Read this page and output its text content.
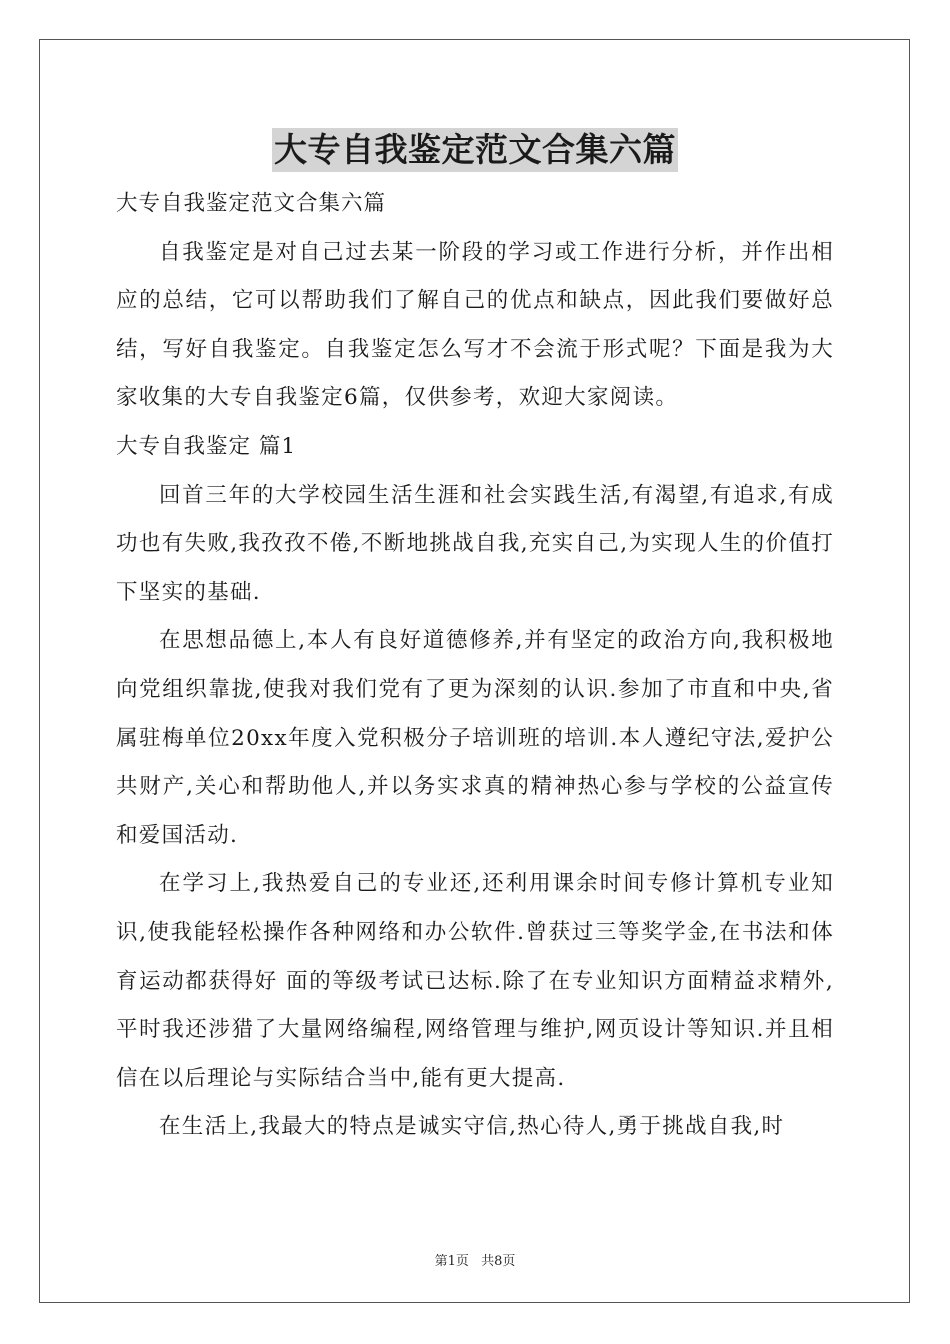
大专自我鉴定范文合集六篇

大专自我鉴定范文合集六篇

自我鉴定是对自己过去某一阶段的学习或工作进行分析，并作出相应的总结，它可以帮助我们了解自己的优点和缺点，因此我们要做好总结，写好自我鉴定。自我鉴定怎么写才不会流于形式呢？下面是我为大家收集的大专自我鉴定6篇，仅供参考，欢迎大家阅读。

大专自我鉴定 篇1

回首三年的大学校园生活生涯和社会实践生活,有渴望,有追求,有成功也有失败,我孜孜不倦,不断地挑战自我,充实自己,为实现人生的价值打下坚实的基础.

在思想品德上,本人有良好道德修养,并有坚定的政治方向,我积极地向党组织靠拢,使我对我们党有了更为深刻的认识.参加了市直和中央,省属驻梅单位20xx年度入党积极分子培训班的培训.本人遵纪守法,爱护公共财产,关心和帮助他人,并以务实求真的精神热心参与学校的公益宣传和爱国活动.

在学习上,我热爱自己的专业还,还利用课余时间专修计算机专业知识,使我能轻松操作各种网络和办公软件.曾获过三等奖学金,在书法和体育运动都获得好 面的等级考试已达标.除了在专业知识方面精益求精外,平时我还涉猎了大量网络编程,网络管理与维护,网页设计等知识.并且相信在以后理论与实际结合当中,能有更大提高.

在生活上,我最大的特点是诚实守信,热心待人,勇于挑战自我,时

第1页 共8页
